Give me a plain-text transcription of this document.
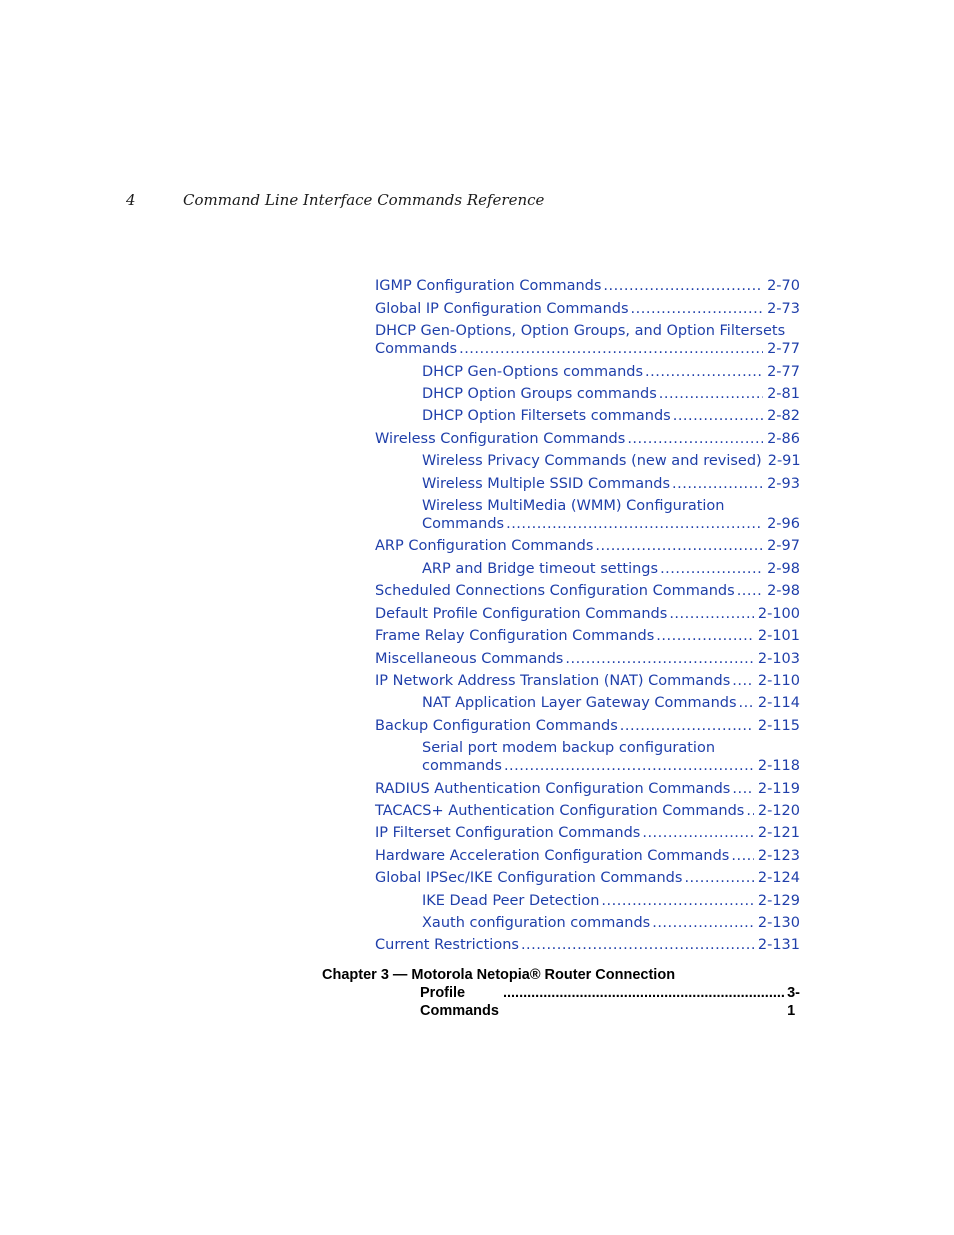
4	Command Line Interface Commands Reference
IGMP Configuration Commands .....	2-70
Global IP Configuration Commands .....	2-73
DHCP Gen-Options, Option Groups, and Option Filtersets
Commands .....	2-77
DHCP Gen-Options commands .....	2-77
DHCP Option Groups commands .....	2-81
DHCP Option Filtersets commands .....	2-82
Wireless Configuration Commands .....	2-86
Wireless Privacy Commands (new and revised) 2-91
Wireless Multiple SSID Commands .....	2-93
Wireless MultiMedia (WMM) Configuration
Commands .....	2-96
ARP Configuration Commands .....	2-97
ARP and Bridge timeout settings .....	2-98
Scheduled Connections Configuration Commands ..... 2-98
Default Profile Configuration Commands .....	2-100
Frame Relay Configuration Commands .....	2-101
Miscellaneous Commands .....	2-103
IP Network Address Translation (NAT) Commands ..... 2-110
NAT Application Layer Gateway Commands ..... 2-114
Backup Configuration Commands .....	2-115
Serial port modem backup configuration
commands .....	2-118
RADIUS Authentication Configuration Commands ..... 2-119
TACACS+ Authentication Configuration Commands ..... 2-120
IP Filterset Configuration Commands .....	2-121
Hardware Acceleration Configuration Commands ..... 2-123
Global IPSec/IKE Configuration Commands .....	2-124
IKE Dead Peer Detection .....	2-129
Xauth configuration commands .....	2-130
Current Restrictions .....	2-131
Chapter 3 — Motorola Netopia® Router Connection
Profile Commands
.....
3-1
